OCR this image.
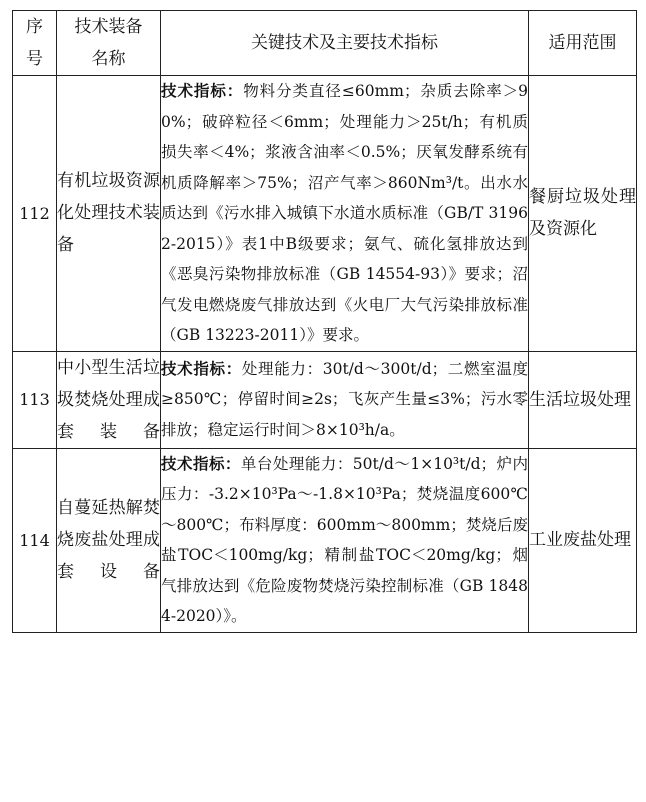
序号	技术装备名称	关键技术及主要技术指标	适用范围
112	有机垃圾资源化处理技术装备	技术指标：物料分类直径≤60mm；杂质去除率＞90%；破碎粒径＜6mm；处理能力＞25t/h；有机质损失率＜4%；浆液含油率＜0.5%；厌氧发酵系统有机质降解率＞75%；沼产气率＞860Nm³/t。出水水质达到《污水排入城镇下水道水质标准（GB/T 31962-2015）》表1中B级要求；氨气、硫化氢排放达到《恶臭污染物排放标准（GB 14554-93）》要求；沼气发电燃烧废气排放达到《火电厂大气污染排放标准（GB 13223-2011）》要求。	餐厨垃圾处理及资源化
113	中小型生活垃圾焚烧处理成套装备	技术指标：处理能力：30t/d～300t/d；二燃室温度≥850℃；停留时间≥2s；飞灰产生量≤3%；污水零排放；稳定运行时间＞8×10³h/a。	生活垃圾处理
114	自蔓延热解焚烧废盐处理成套设备	技术指标：单台处理能力：50t/d～1×10³t/d；炉内压力：-3.2×10³Pa～-1.8×10³Pa；焚烧温度600℃～800℃；布料厚度：600mm～800mm；焚烧后废盐TOC＜100mg/kg；精制盐TOC＜20mg/kg；烟气排放达到《危险废物焚烧污染控制标准（GB 18484-2020）》。	工业废盐处理
